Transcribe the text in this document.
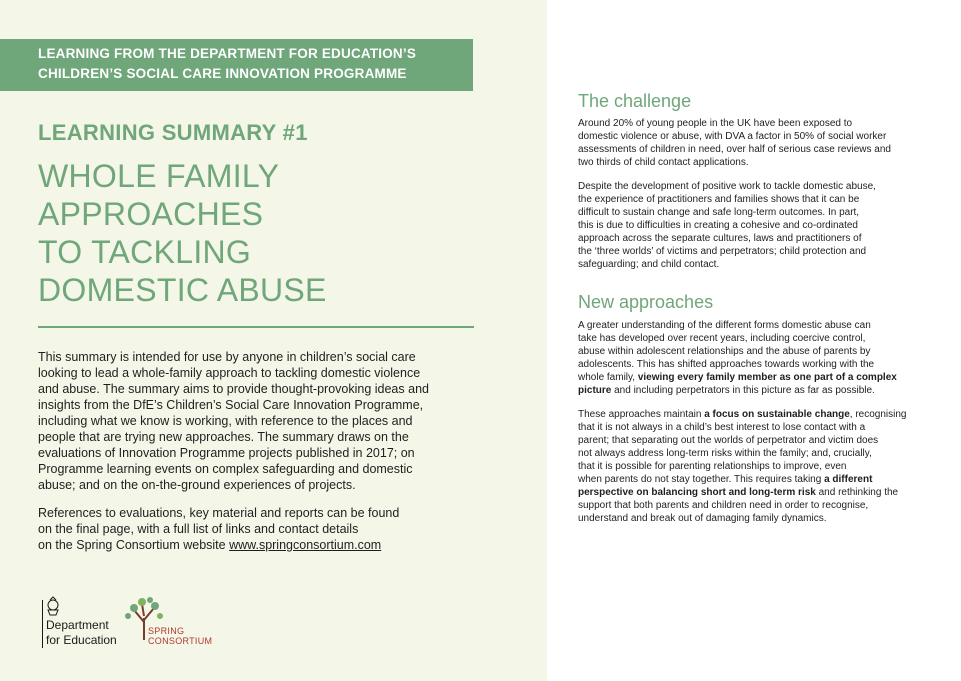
LEARNING FROM THE DEPARTMENT FOR EDUCATION’S
CHILDREN’S SOCIAL CARE INNOVATION PROGRAMME
LEARNING SUMMARY #1
WHOLE FAMILY
APPROACHES
TO TACKLING
DOMESTIC ABUSE
This summary is intended for use by anyone in children’s social care
looking to lead a whole-family approach to tackling domestic violence
and abuse. The summary aims to provide thought-provoking ideas and
insights from the DfE’s Children’s Social Care Innovation Programme,
including what we know is working, with reference to the places and
people that are trying new approaches. The summary draws on the
evaluations of Innovation Programme projects published in 2017; on
Programme learning events on complex safeguarding and domestic
abuse; and on the on-the-ground experiences of projects.
References to evaluations, key material and reports can be found
on the final page, with a full list of links and contact details
on the Spring Consortium website www.springconsortium.com
Department
for Education
SPRING
CONSORTIUM
The challenge
Around 20% of young people in the UK have been exposed to
domestic violence or abuse, with DVA a factor in 50% of social worker
assessments of children in need, over half of serious case reviews and
two thirds of child contact applications.
Despite the development of positive work to tackle domestic abuse,
the experience of practitioners and families shows that it can be
difficult to sustain change and safe long-term outcomes. In part,
this is due to difficulties in creating a cohesive and co-ordinated
approach across the separate cultures, laws and practitioners of
the ‘three worlds’ of victims and perpetrators; child protection and
safeguarding; and child contact.
New approaches
A greater understanding of the different forms domestic abuse can
take has developed over recent years, including coercive control,
abuse within adolescent relationships and the abuse of parents by
adolescents. This has shifted approaches towards working with the
whole family, viewing every family member as one part of a complex
picture and including perpetrators in this picture as far as possible.
These approaches maintain a focus on sustainable change, recognising
that it is not always in a child’s best interest to lose contact with a
parent; that separating out the worlds of perpetrator and victim does
not always address long-term risks within the family; and, crucially,
that it is possible for parenting relationships to improve, even
when parents do not stay together. This requires taking a different
perspective on balancing short and long-term risk and rethinking the
support that both parents and children need in order to recognise,
understand and break out of damaging family dynamics.
